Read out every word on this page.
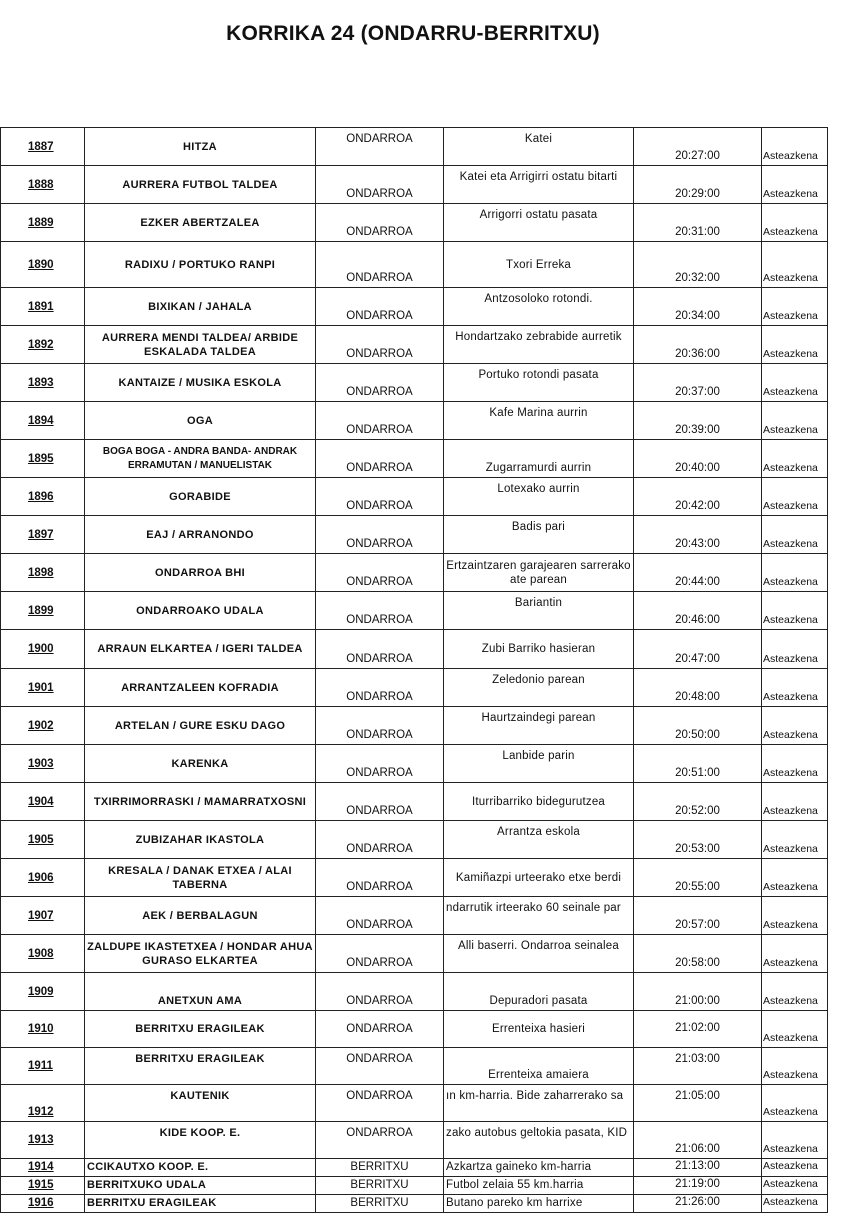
KORRIKA 24 (ONDARRU-BERRITXU)
1887	HITZA	ONDARROA	Katei	20:27:00	Asteazkena
1888	AURRERA FUTBOL TALDEA	ONDARROA	Katei eta Arrigirri ostatu bitarti	20:29:00	Asteazkena
1889	EZKER ABERTZALEA	ONDARROA	Arrigorri ostatu pasata	20:31:00	Asteazkena
1890	RADIXU / PORTUKO RANPI	ONDARROA	Txori Erreka	20:32:00	Asteazkena
1891	BIXIKAN / JAHALA	ONDARROA	Antzosoloko rotondi.	20:34:00	Asteazkena
1892	AURRERA MENDI TALDEA/ ARBIDE ESKALADA TALDEA	ONDARROA	Hondartzako zebrabide aurretik	20:36:00	Asteazkena
1893	KANTAIZE / MUSIKA ESKOLA	ONDARROA	Portuko rotondi pasata	20:37:00	Asteazkena
1894	OGA	ONDARROA	Kafe Marina aurrin	20:39:00	Asteazkena
1895	BOGA BOGA - ANDRA BANDA- ANDRAK ERRAMUTAN / MANUELISTAK	ONDARROA	Zugarramurdi aurrin	20:40:00	Asteazkena
1896	GORABIDE	ONDARROA	Lotexako aurrin	20:42:00	Asteazkena
1897	EAJ / ARRANONDO	ONDARROA	Badis pari	20:43:00	Asteazkena
1898	ONDARROA BHI	ONDARROA	Ertzaintzaren garajearen sarrerako ate parean	20:44:00	Asteazkena
1899	ONDARROAKO UDALA	ONDARROA	Bariantin	20:46:00	Asteazkena
1900	ARRAUN ELKARTEA / IGERI TALDEA	ONDARROA	Zubi Barriko hasieran	20:47:00	Asteazkena
1901	ARRANTZALEEN KOFRADIA	ONDARROA	Zeledonio parean	20:48:00	Asteazkena
1902	ARTELAN / GURE ESKU DAGO	ONDARROA	Haurtzaindegi parean	20:50:00	Asteazkena
1903	KARENKA	ONDARROA	Lanbide parin	20:51:00	Asteazkena
1904	TXIRRIMORRASKI / MAMARRATXOSNI	ONDARROA	Iturribarriko bidegurutzea	20:52:00	Asteazkena
1905	ZUBIZAHAR IKASTOLA	ONDARROA	Arrantza eskola	20:53:00	Asteazkena
1906	KRESALA / DANAK ETXEA / ALAI TABERNA	ONDARROA	Kamiñazpi urteerako etxe berdi	20:55:00	Asteazkena
1907	AEK / BERBALAGUN	ONDARROA	ndarrutik irteerako 60 seinale par	20:57:00	Asteazkena
1908	ZALDUPE IKASTETXEA / HONDAR AHUA GURASO ELKARTEA	ONDARROA	Alli baserri. Ondarroa seinalea	20:58:00	Asteazkena
1909	ANETXUN AMA	ONDARROA	Depuradori pasata	21:00:00	Asteazkena
1910	BERRITXU ERAGILEAK	ONDARROA	Errenteixa hasieri	21:02:00	Asteazkena
1911	BERRITXU ERAGILEAK	ONDARROA	Errenteixa amaiera	21:03:00	Asteazkena
1912	KAUTENIK	ONDARROA	ın km-harria. Bide zaharrerako sa	21:05:00	Asteazkena
1913	KIDE KOOP. E.	ONDARROA	zako autobus geltokia pasata, KID	21:06:00	Asteazkena
1914	CCIKAUTXO KOOP. E.	BERRITXU	Azkartza gaineko km-harria	21:13:00	Asteazkena
1915	BERRITXUKO UDALA	BERRITXU	Futbol zelaia 55 km.harria	21:19:00	Asteazkena
1916	BERRITXU ERAGILEAK	BERRITXU	Butano pareko km harrixe	21:26:00	Asteazkena
